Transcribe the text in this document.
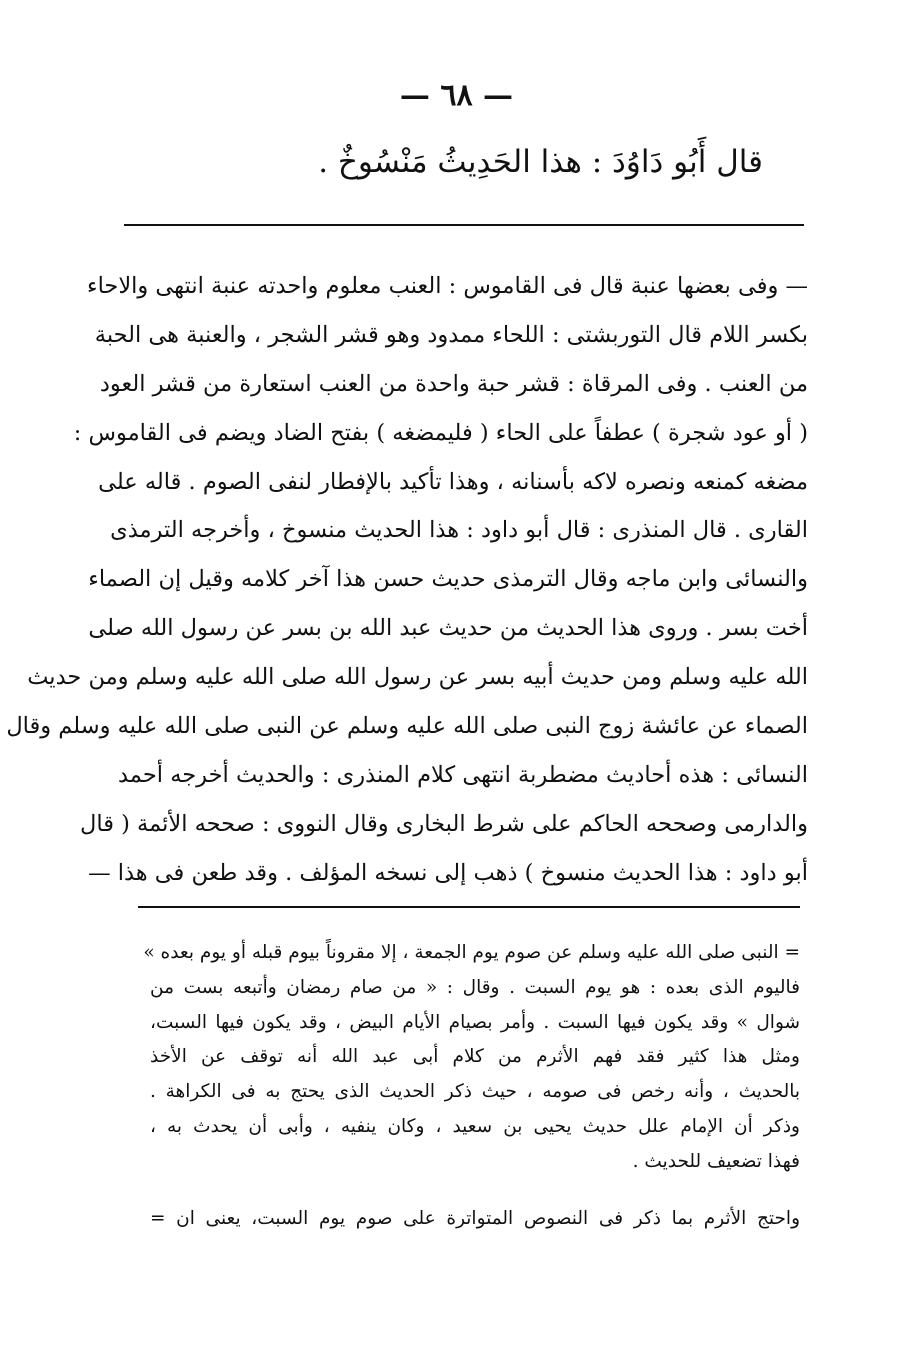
— ٦٨ —
قال أَبُو دَاوُدَ : هذا الحَدِيثُ مَنْسُوخٌ .
— وفى بعضها عنبة قال فى القاموس : العنب معلوم واحدته عنبة انتهى والاحاء
بكسر اللام قال التوربشتى : اللحاء ممدود وهو قشر الشجر ، والعنبة هى الحبة
من العنب . وفى المرقاة : قشر حبة واحدة من العنب استعارة من قشر العود
( أو عود شجرة ) عطفاً على الحاء ( فليمضغه ) بفتح الضاد ويضم فى القاموس :
مضغه كمنعه ونصره لاكه بأسنانه ، وهذا تأكيد بالإفطار لنفى الصوم . قاله على
القارى . قال المنذرى : قال أبو داود : هذا الحديث منسوخ ، وأخرجه الترمذى
والنسائى وابن ماجه وقال الترمذى حديث حسن هذا آخر كلامه وقيل إن الصماء
أخت بسر . وروى هذا الحديث من حديث عبد الله بن بسر عن رسول الله صلى
الله عليه وسلم ومن حديث أبيه بسر عن رسول الله صلى الله عليه وسلم ومن حديث
الصماء عن عائشة زوج النبى صلى الله عليه وسلم عن النبى صلى الله عليه وسلم وقال
النسائى : هذه أحاديث مضطربة انتهى كلام المنذرى : والحديث أخرجه أحمد
والدارمى وصححه الحاكم على شرط البخارى وقال النووى : صححه الأئمة ( قال
أبو داود : هذا الحديث منسوخ ) ذهب إلى نسخه المؤلف . وقد طعن فى هذا —
= النبى صلى الله عليه وسلم عن صوم يوم الجمعة ، إلا مقروناً بيوم قبله أو يوم بعده »
فاليوم الذى بعده : هو يوم السبت . وقال : « من صام رمضان وأتبعه بست من
شوال » وقد يكون فيها السبت . وأمر بصيام الأيام البيض ، وقد يكون فيها السبت،
ومثل هذا كثير فقد فهم الأثرم من كلام أبى عبد الله أنه توقف عن الأخذ
بالحديث ، وأنه رخص فى صومه ، حيث ذكر الحديث الذى يحتج به فى الكراهة .
وذكر أن الإمام علل حديث يحيى بن سعيد ، وكان ينفيه ، وأبى أن يحدث به ،
فهذا تضعيف للحديث .
واحتج الأثرم بما ذكر فى النصوص المتواترة على صوم يوم السبت، يعنى ان =
